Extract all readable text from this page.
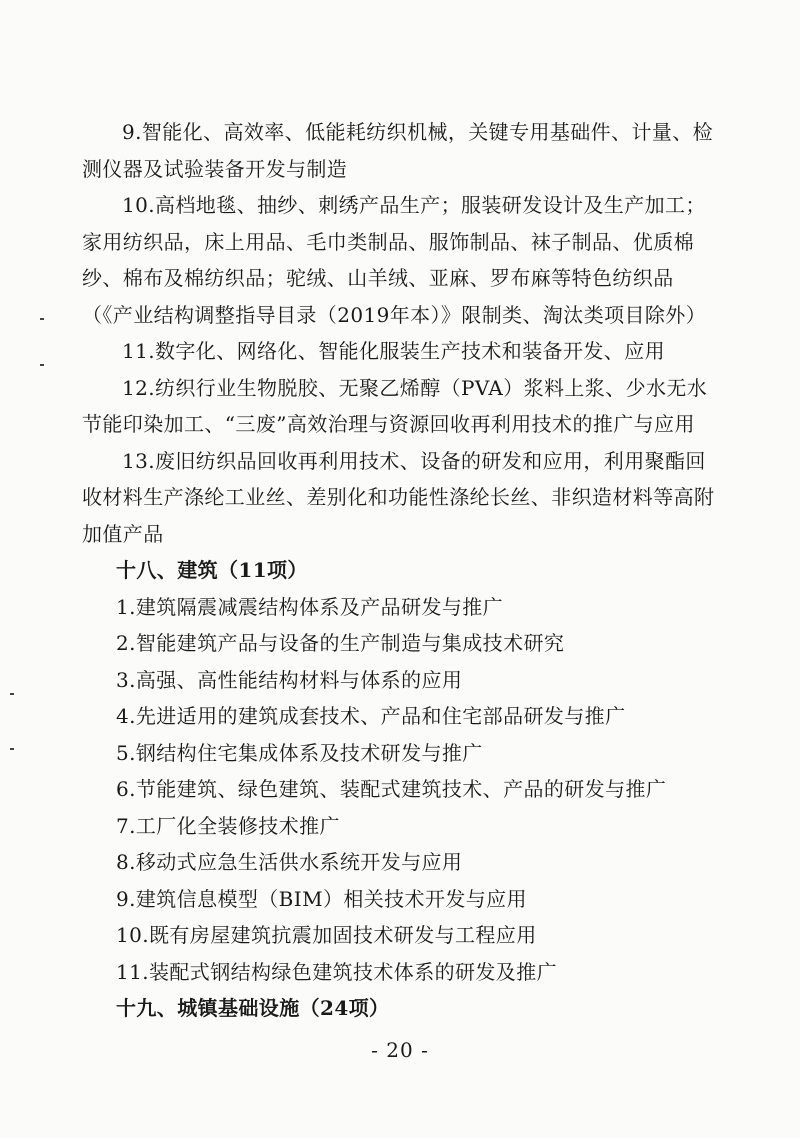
9.智能化、高效率、低能耗纺织机械，关键专用基础件、计量、检测仪器及试验装备开发与制造

10.高档地毯、抽纱、刺绣产品生产；服装研发设计及生产加工；家用纺织品，床上用品、毛巾类制品、服饰制品、袜子制品、优质棉纱、棉布及棉纺织品；驼绒、山羊绒、亚麻、罗布麻等特色纺织品（《产业结构调整指导目录（2019年本）》限制类、淘汰类项目除外）

11.数字化、网络化、智能化服装生产技术和装备开发、应用

12.纺织行业生物脱胶、无聚乙烯醇（PVA）浆料上浆、少水无水节能印染加工、“三废”高效治理与资源回收再利用技术的推广与应用

13.废旧纺织品回收再利用技术、设备的研发和应用，利用聚酯回收材料生产涤纶工业丝、差别化和功能性涤纶长丝、非织造材料等高附加值产品

十八、建筑（11项）

1.建筑隔震减震结构体系及产品研发与推广

2.智能建筑产品与设备的生产制造与集成技术研究

3.高强、高性能结构材料与体系的应用

4.先进适用的建筑成套技术、产品和住宅部品研发与推广

5.钢结构住宅集成体系及技术研发与推广

6.节能建筑、绿色建筑、装配式建筑技术、产品的研发与推广

7.工厂化全装修技术推广

8.移动式应急生活供水系统开发与应用

9.建筑信息模型（BIM）相关技术开发与应用

10.既有房屋建筑抗震加固技术研发与工程应用

11.装配式钢结构绿色建筑技术体系的研发及推广

十九、城镇基础设施（24项）

- 20 -
